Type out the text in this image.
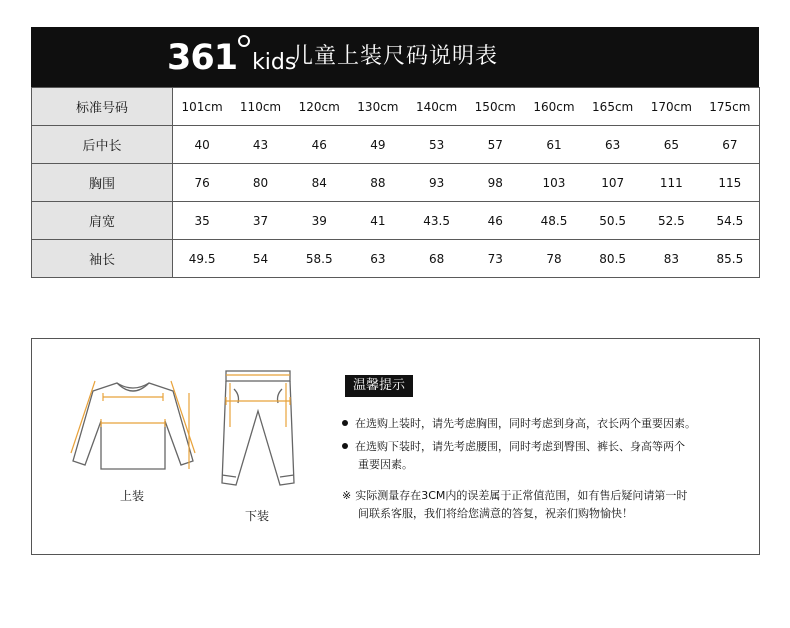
361 kids
儿童上装尺码说明表
标准号码	101cm	110cm	120cm	130cm	140cm	150cm	160cm	165cm	170cm	175cm
后中长	40	43	46	49	53	57	61	63	65	67
胸围	76	80	84	88	93	98	103	107	111	115
肩宽	35	37	39	41	43.5	46	48.5	50.5	52.5	54.5
袖长	49.5	54	58.5	63	68	73	78	80.5	83	85.5
上装
下装
温馨提示
在选购上装时，请先考虑胸围，同时考虑到身高，衣长两个重要因素。
在选购下装时，请先考虑腰围，同时考虑到臀围、裤长、身高等两个
重要因素。
※ 实际测量存在3CM内的误差属于正常值范围，如有售后疑问请第一时
间联系客服，我们将给您满意的答复，祝亲们购物愉快！
